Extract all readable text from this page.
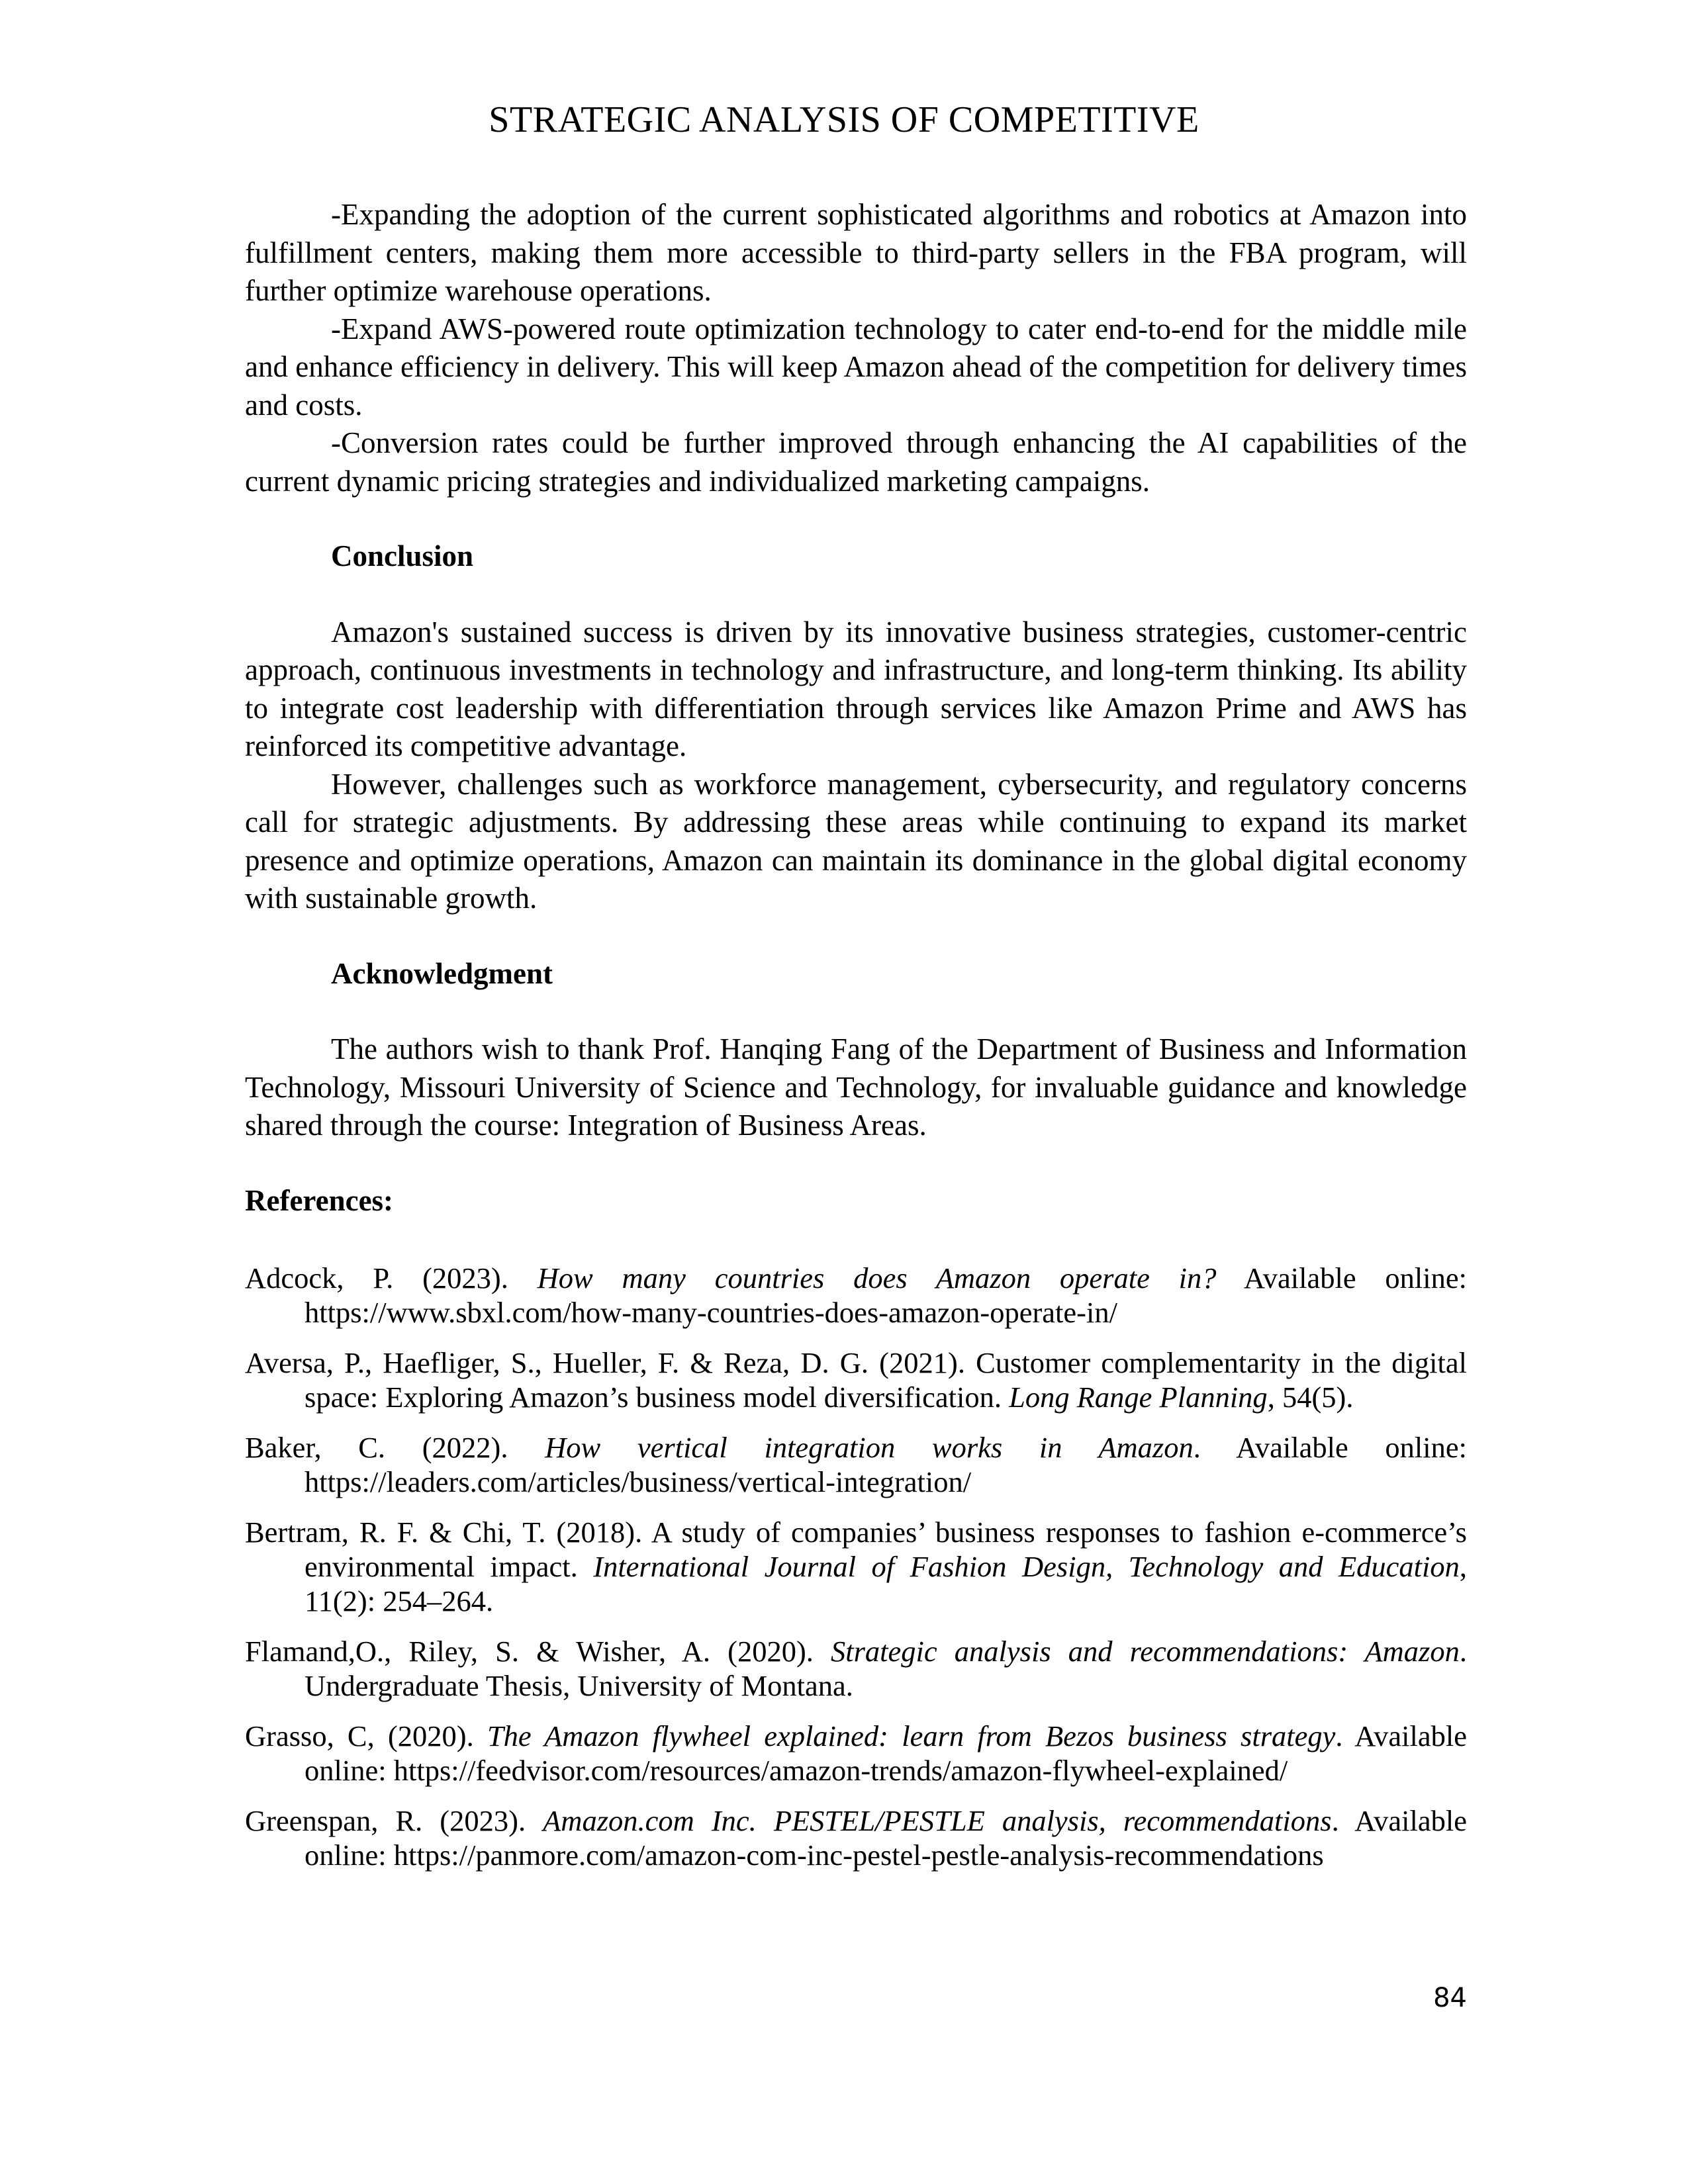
STRATEGIC ANALYSIS OF COMPETITIVE

-Expanding the adoption of the current sophisticated algorithms and robotics at Amazon into fulfillment centers, making them more accessible to third-party sellers in the FBA program, will further optimize warehouse operations.

-Expand AWS-powered route optimization technology to cater end-to-end for the middle mile and enhance efficiency in delivery. This will keep Amazon ahead of the competition for delivery times and costs.

-Conversion rates could be further improved through enhancing the AI capabilities of the current dynamic pricing strategies and individualized marketing campaigns.

Conclusion

Amazon's sustained success is driven by its innovative business strategies, customer-centric approach, continuous investments in technology and infrastructure, and long-term thinking. Its ability to integrate cost leadership with differentiation through services like Amazon Prime and AWS has reinforced its competitive advantage.

However, challenges such as workforce management, cybersecurity, and regulatory concerns call for strategic adjustments. By addressing these areas while continuing to expand its market presence and optimize operations, Amazon can maintain its dominance in the global digital economy with sustainable growth.

Acknowledgment

The authors wish to thank Prof. Hanqing Fang of the Department of Business and Information Technology, Missouri University of Science and Technology, for invaluable guidance and knowledge shared through the course: Integration of Business Areas.

References:

Adcock, P. (2023). How many countries does Amazon operate in? Available online: https://www.sbxl.com/how-many-countries-does-amazon-operate-in/

Aversa, P., Haefliger, S., Hueller, F. & Reza, D. G. (2021). Customer complementarity in the digital space: Exploring Amazon’s business model diversification. Long Range Planning, 54(5).

Baker, C. (2022). How vertical integration works in Amazon. Available online: https://leaders.com/articles/business/vertical-integration/

Bertram, R. F. & Chi, T. (2018). A study of companies’ business responses to fashion e-commerce’s environmental impact. International Journal of Fashion Design, Technology and Education, 11(2): 254–264.

Flamand,O., Riley, S. & Wisher, A. (2020). Strategic analysis and recommendations: Amazon. Undergraduate Thesis, University of Montana.

Grasso, C, (2020). The Amazon flywheel explained: learn from Bezos business strategy. Available online: https://feedvisor.com/resources/amazon-trends/amazon-flywheel-explained/

Greenspan, R. (2023). Amazon.com Inc. PESTEL/PESTLE analysis, recommendations. Available online: https://panmore.com/amazon-com-inc-pestel-pestle-analysis-recommendations

84
